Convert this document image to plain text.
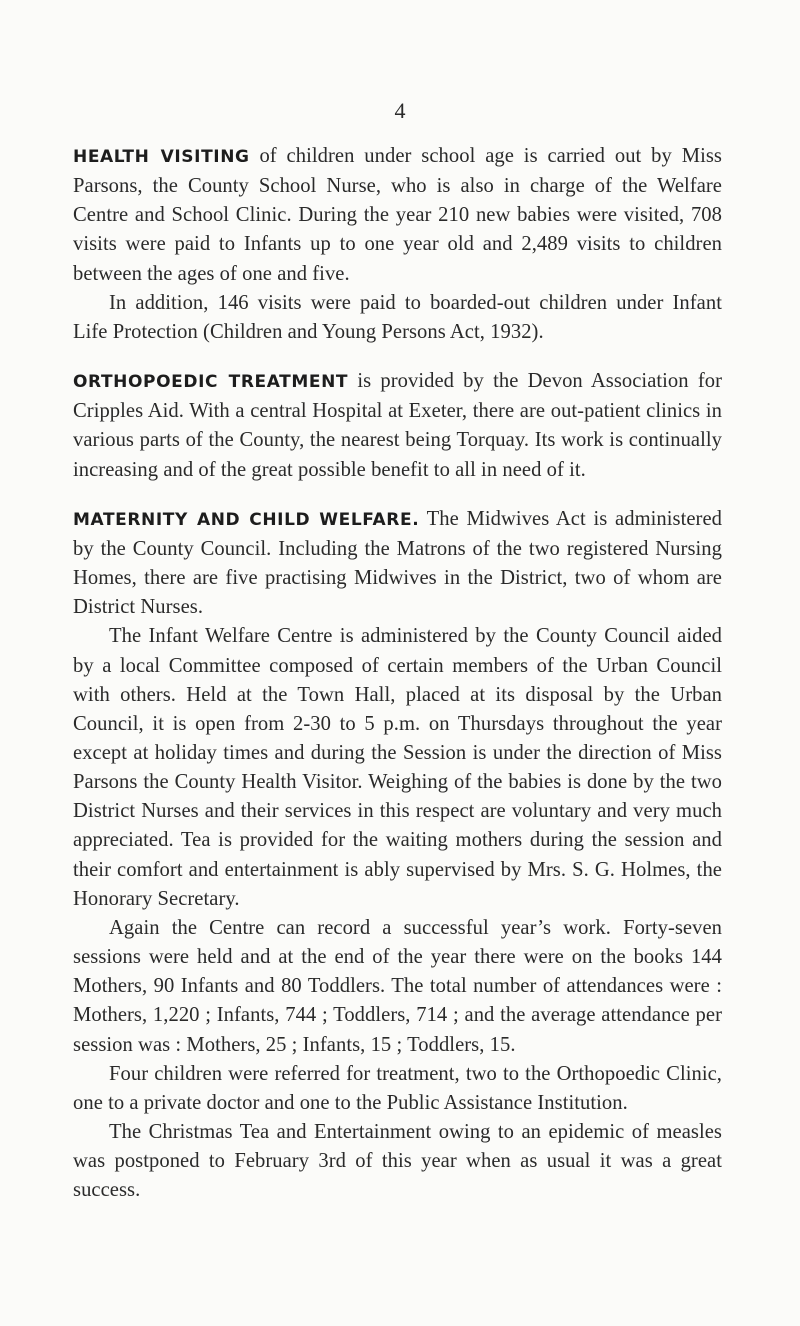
4

HEALTH VISITING of children under school age is carried out by Miss Parsons, the County School Nurse, who is also in charge of the Welfare Centre and School Clinic. During the year 210 new babies were visited, 708 visits were paid to Infants up to one year old and 2,489 visits to children between the ages of one and five.

In addition, 146 visits were paid to boarded-out children under Infant Life Protection (Children and Young Persons Act, 1932).

ORTHOPOEDIC TREATMENT is provided by the Devon Association for Cripples Aid. With a central Hospital at Exeter, there are out-patient clinics in various parts of the County, the nearest being Torquay. Its work is continually increasing and of the great possible benefit to all in need of it.

MATERNITY AND CHILD WELFARE. The Midwives Act is administered by the County Council. Including the Matrons of the two registered Nursing Homes, there are five practising Midwives in the District, two of whom are District Nurses.

The Infant Welfare Centre is administered by the County Council aided by a local Committee composed of certain members of the Urban Council with others. Held at the Town Hall, placed at its disposal by the Urban Council, it is open from 2-30 to 5 p.m. on Thursdays throughout the year except at holiday times and during the Session is under the direction of Miss Parsons the County Health Visitor. Weighing of the babies is done by the two District Nurses and their services in this respect are voluntary and very much appreciated. Tea is provided for the waiting mothers during the session and their comfort and entertainment is ably supervised by Mrs. S. G. Holmes, the Honorary Secretary.

Again the Centre can record a successful year’s work. Forty-seven sessions were held and at the end of the year there were on the books 144 Mothers, 90 Infants and 80 Toddlers. The total number of attendances were : Mothers, 1,220 ; Infants, 744 ; Toddlers, 714 ; and the average attendance per session was : Mothers, 25 ; Infants, 15 ; Toddlers, 15.

Four children were referred for treatment, two to the Orthopoedic Clinic, one to a private doctor and one to the Public Assistance Institution.

The Christmas Tea and Entertainment owing to an epidemic of measles was postponed to February 3rd of this year when as usual it was a great success.
